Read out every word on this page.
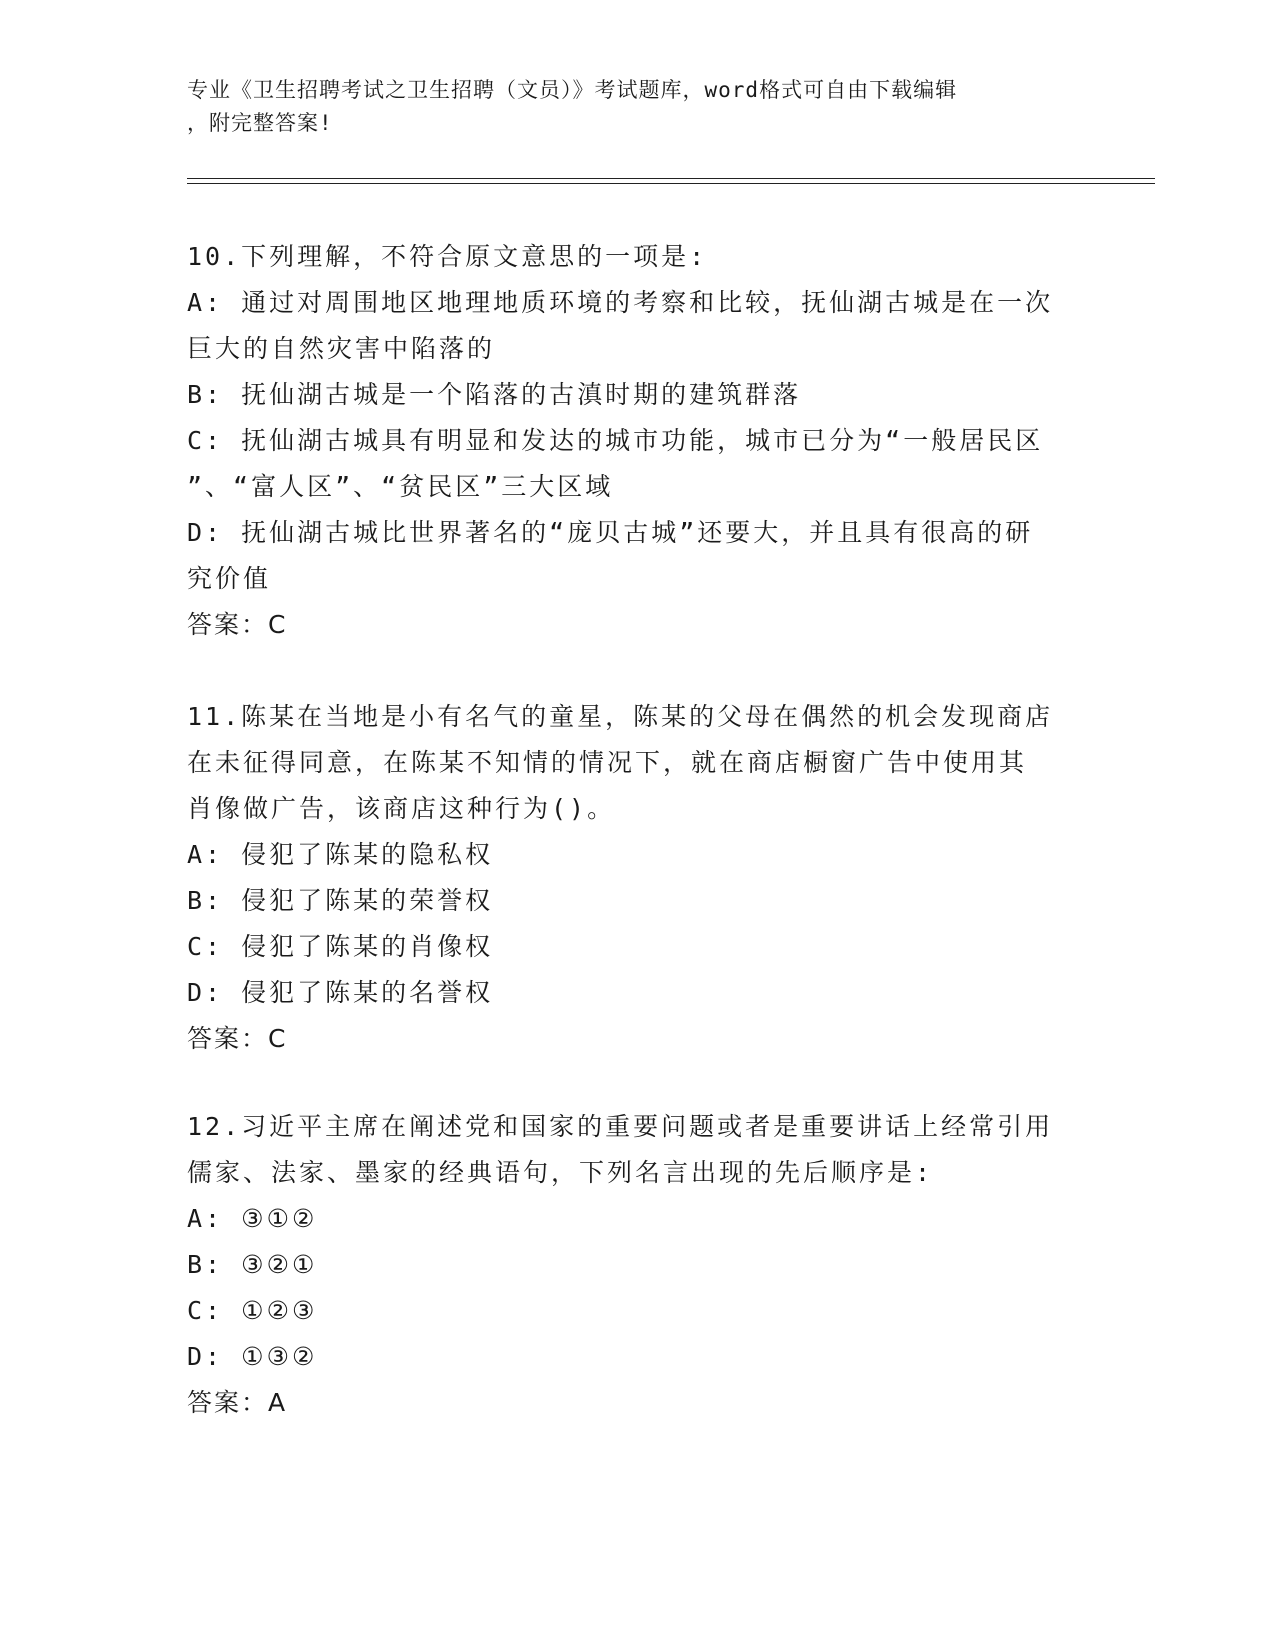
专业《卫生招聘考试之卫生招聘（文员）》考试题库，word格式可自由下载编辑
，附完整答案!
10.下列理解，不符合原文意思的一项是:
A: 通过对周围地区地理地质环境的考察和比较，抚仙湖古城是在一次
巨大的自然灾害中陷落的
B: 抚仙湖古城是一个陷落的古滇时期的建筑群落
C: 抚仙湖古城具有明显和发达的城市功能，城市已分为“一般居民区
”、“富人区”、“贫民区”三大区域
D: 抚仙湖古城比世界著名的“庞贝古城”还要大，并且具有很高的研
究价值
答案：C
11.陈某在当地是小有名气的童星，陈某的父母在偶然的机会发现商店
在未征得同意，在陈某不知情的情况下，就在商店橱窗广告中使用其
肖像做广告，该商店这种行为()。
A: 侵犯了陈某的隐私权
B: 侵犯了陈某的荣誉权
C: 侵犯了陈某的肖像权
D: 侵犯了陈某的名誉权
答案：C
12.习近平主席在阐述党和国家的重要问题或者是重要讲话上经常引用
儒家、法家、墨家的经典语句，下列名言出现的先后顺序是:
A: ③①②
B: ③②①
C: ①②③
D: ①③②
答案：A
